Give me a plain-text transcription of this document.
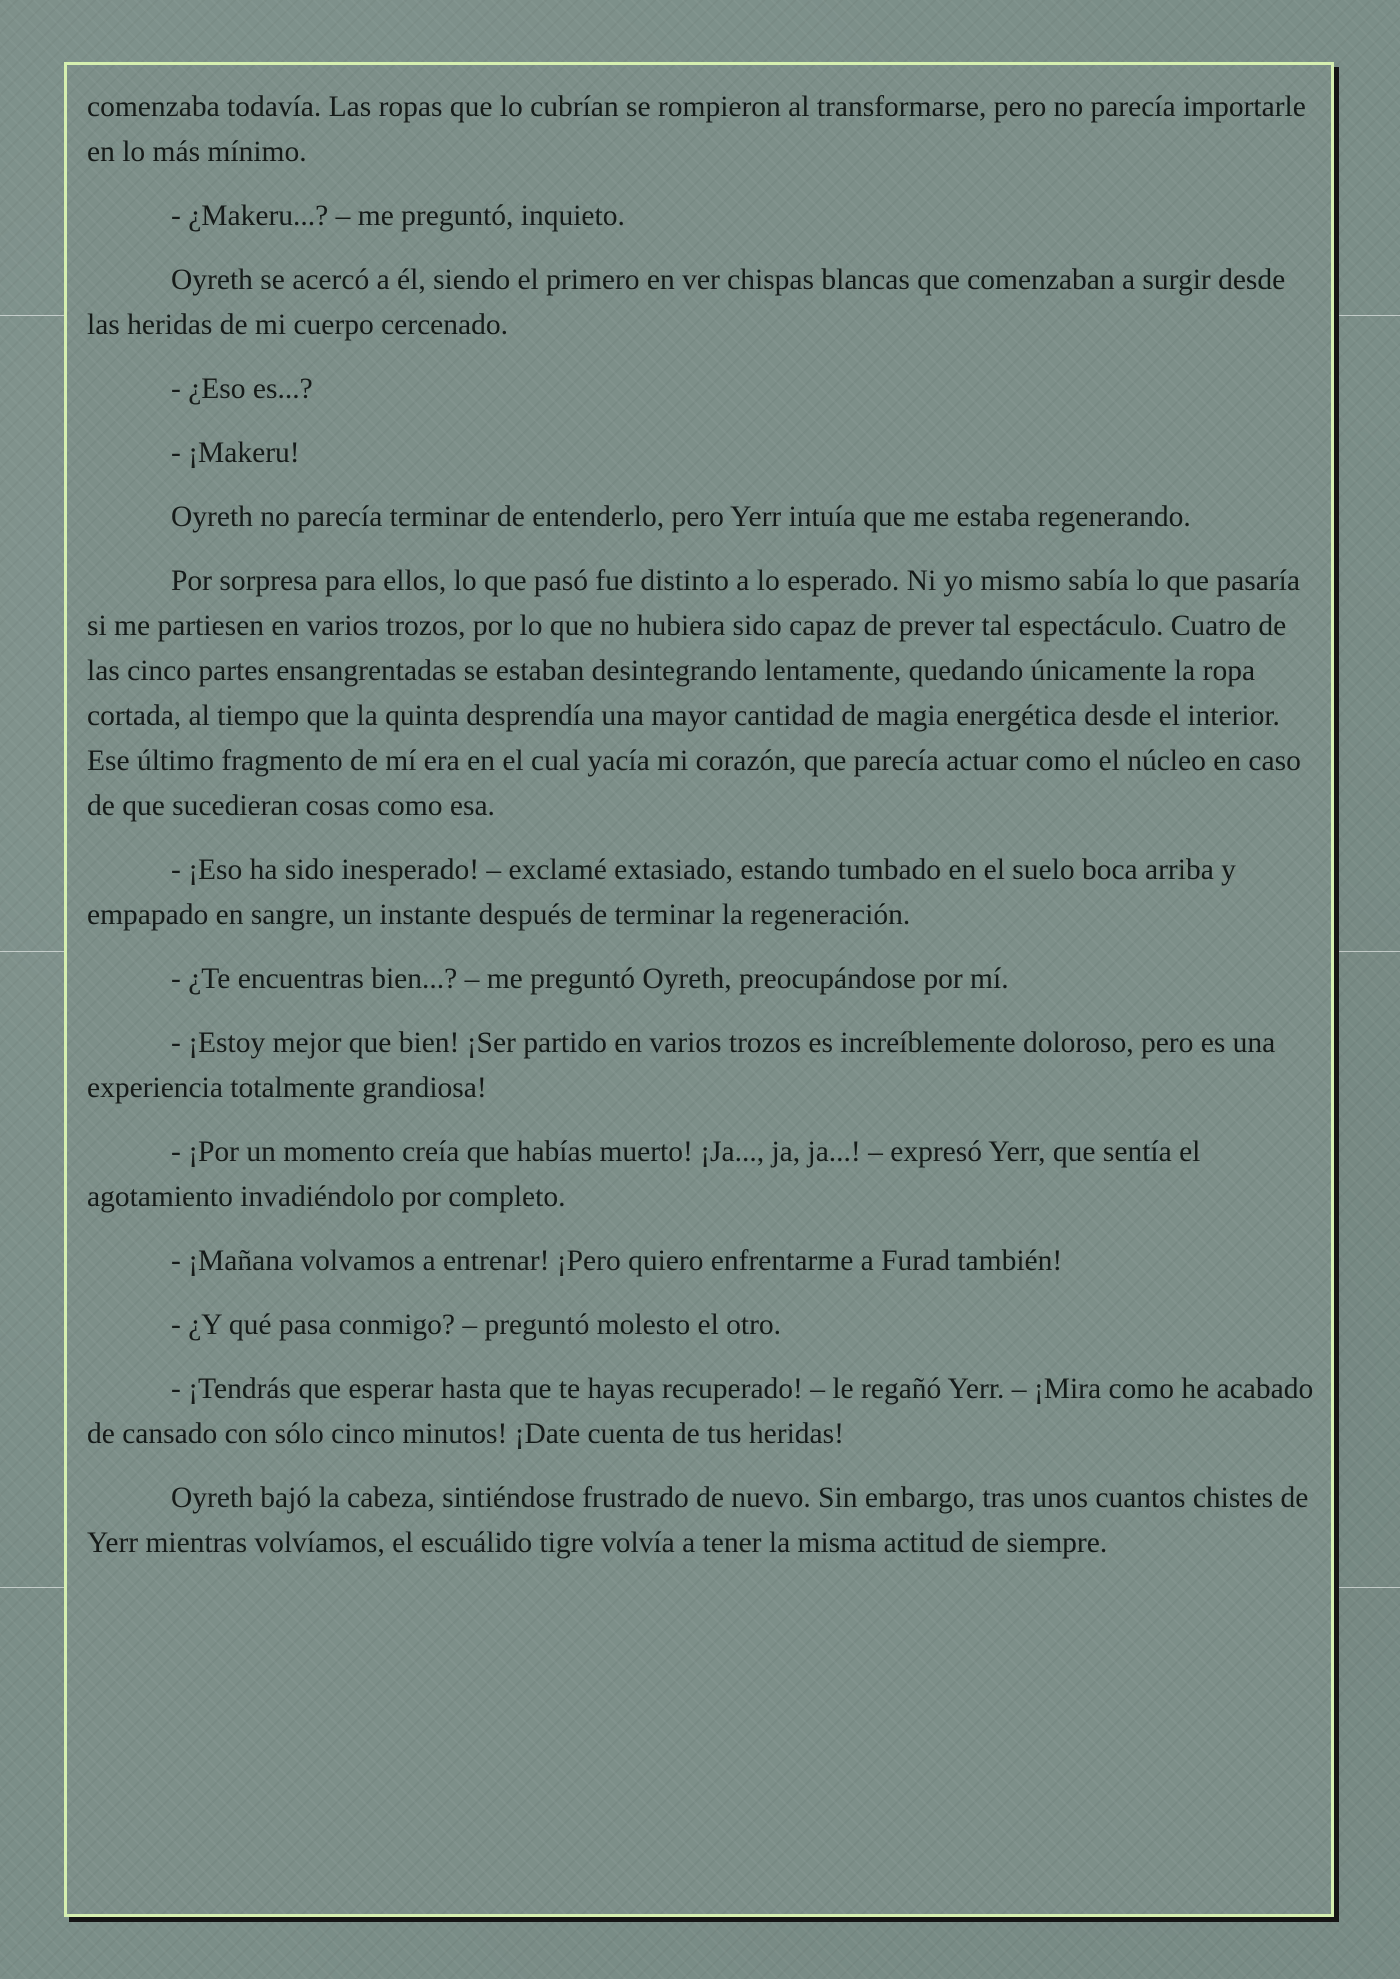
comenzaba todavía. Las ropas que lo cubrían se rompieron al transformarse, pero no parecía importarle en lo más mínimo.

- ¿Makeru...? – me preguntó, inquieto.

Oyreth se acercó a él, siendo el primero en ver chispas blancas que comenzaban a surgir desde las heridas de mi cuerpo cercenado.

- ¿Eso es...?

- ¡Makeru!

Oyreth no parecía terminar de entenderlo, pero Yerr intuía que me estaba regenerando.

Por sorpresa para ellos, lo que pasó fue distinto a lo esperado. Ni yo mismo sabía lo que pasaría si me partiesen en varios trozos, por lo que no hubiera sido capaz de prever tal espectáculo. Cuatro de las cinco partes ensangrentadas se estaban desintegrando lentamente, quedando únicamente la ropa cortada, al tiempo que la quinta desprendía una mayor cantidad de magia energética desde el interior. Ese último fragmento de mí era en el cual yacía mi corazón, que parecía actuar como el núcleo en caso de que sucedieran cosas como esa.

- ¡Eso ha sido inesperado! – exclamé extasiado, estando tumbado en el suelo boca arriba y empapado en sangre, un instante después de terminar la regeneración.

- ¿Te encuentras bien...? – me preguntó Oyreth, preocupándose por mí.

- ¡Estoy mejor que bien! ¡Ser partido en varios trozos es increíblemente doloroso, pero es una experiencia totalmente grandiosa!

- ¡Por un momento creía que habías muerto! ¡Ja..., ja, ja...! – expresó Yerr, que sentía el agotamiento invadiéndolo por completo.

- ¡Mañana volvamos a entrenar! ¡Pero quiero enfrentarme a Furad también!

- ¿Y qué pasa conmigo? – preguntó molesto el otro.

- ¡Tendrás que esperar hasta que te hayas recuperado! – le regañó Yerr. – ¡Mira como he acabado de cansado con sólo cinco minutos! ¡Date cuenta de tus heridas!

Oyreth bajó la cabeza, sintiéndose frustrado de nuevo. Sin embargo, tras unos cuantos chistes de Yerr mientras volvíamos, el escuálido tigre volvía a tener la misma actitud de siempre.
